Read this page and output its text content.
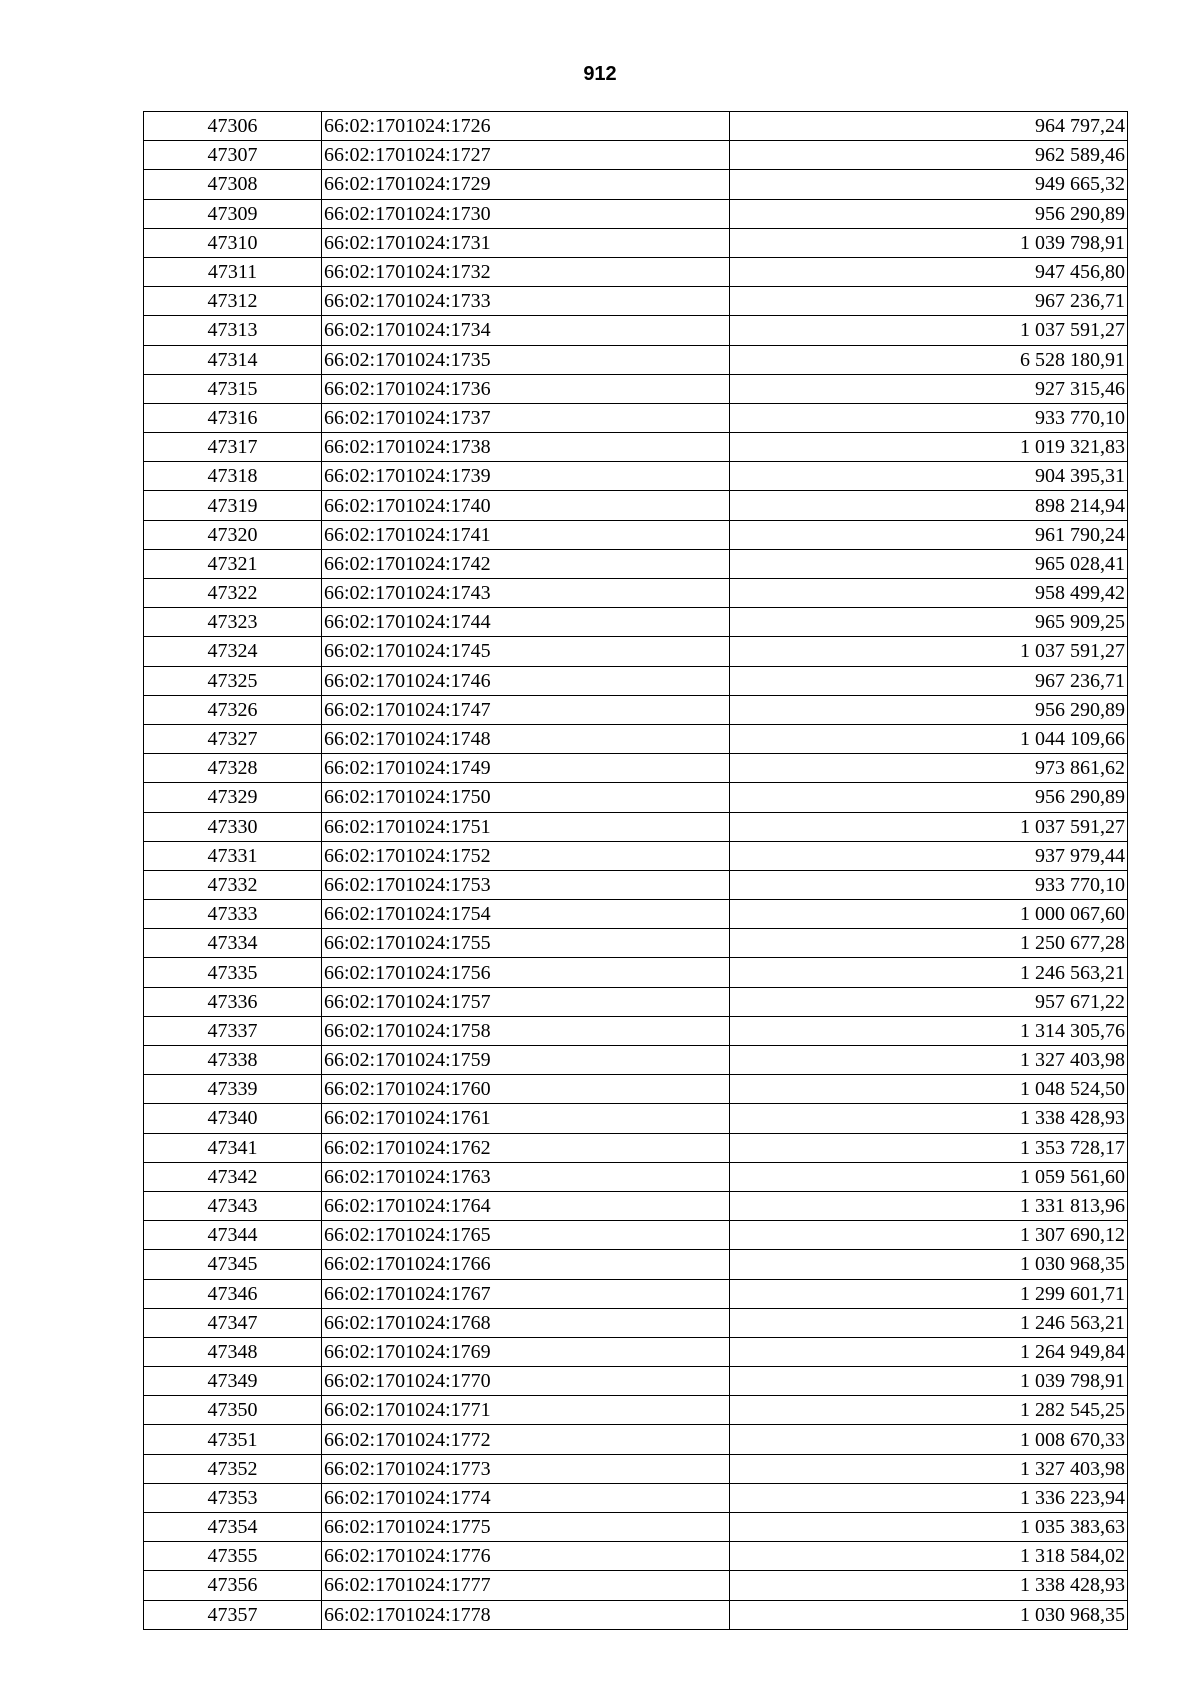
912
47306	66:02:1701024:1726	964 797,24
47307	66:02:1701024:1727	962 589,46
47308	66:02:1701024:1729	949 665,32
47309	66:02:1701024:1730	956 290,89
47310	66:02:1701024:1731	1 039 798,91
47311	66:02:1701024:1732	947 456,80
47312	66:02:1701024:1733	967 236,71
47313	66:02:1701024:1734	1 037 591,27
47314	66:02:1701024:1735	6 528 180,91
47315	66:02:1701024:1736	927 315,46
47316	66:02:1701024:1737	933 770,10
47317	66:02:1701024:1738	1 019 321,83
47318	66:02:1701024:1739	904 395,31
47319	66:02:1701024:1740	898 214,94
47320	66:02:1701024:1741	961 790,24
47321	66:02:1701024:1742	965 028,41
47322	66:02:1701024:1743	958 499,42
47323	66:02:1701024:1744	965 909,25
47324	66:02:1701024:1745	1 037 591,27
47325	66:02:1701024:1746	967 236,71
47326	66:02:1701024:1747	956 290,89
47327	66:02:1701024:1748	1 044 109,66
47328	66:02:1701024:1749	973 861,62
47329	66:02:1701024:1750	956 290,89
47330	66:02:1701024:1751	1 037 591,27
47331	66:02:1701024:1752	937 979,44
47332	66:02:1701024:1753	933 770,10
47333	66:02:1701024:1754	1 000 067,60
47334	66:02:1701024:1755	1 250 677,28
47335	66:02:1701024:1756	1 246 563,21
47336	66:02:1701024:1757	957 671,22
47337	66:02:1701024:1758	1 314 305,76
47338	66:02:1701024:1759	1 327 403,98
47339	66:02:1701024:1760	1 048 524,50
47340	66:02:1701024:1761	1 338 428,93
47341	66:02:1701024:1762	1 353 728,17
47342	66:02:1701024:1763	1 059 561,60
47343	66:02:1701024:1764	1 331 813,96
47344	66:02:1701024:1765	1 307 690,12
47345	66:02:1701024:1766	1 030 968,35
47346	66:02:1701024:1767	1 299 601,71
47347	66:02:1701024:1768	1 246 563,21
47348	66:02:1701024:1769	1 264 949,84
47349	66:02:1701024:1770	1 039 798,91
47350	66:02:1701024:1771	1 282 545,25
47351	66:02:1701024:1772	1 008 670,33
47352	66:02:1701024:1773	1 327 403,98
47353	66:02:1701024:1774	1 336 223,94
47354	66:02:1701024:1775	1 035 383,63
47355	66:02:1701024:1776	1 318 584,02
47356	66:02:1701024:1777	1 338 428,93
47357	66:02:1701024:1778	1 030 968,35
